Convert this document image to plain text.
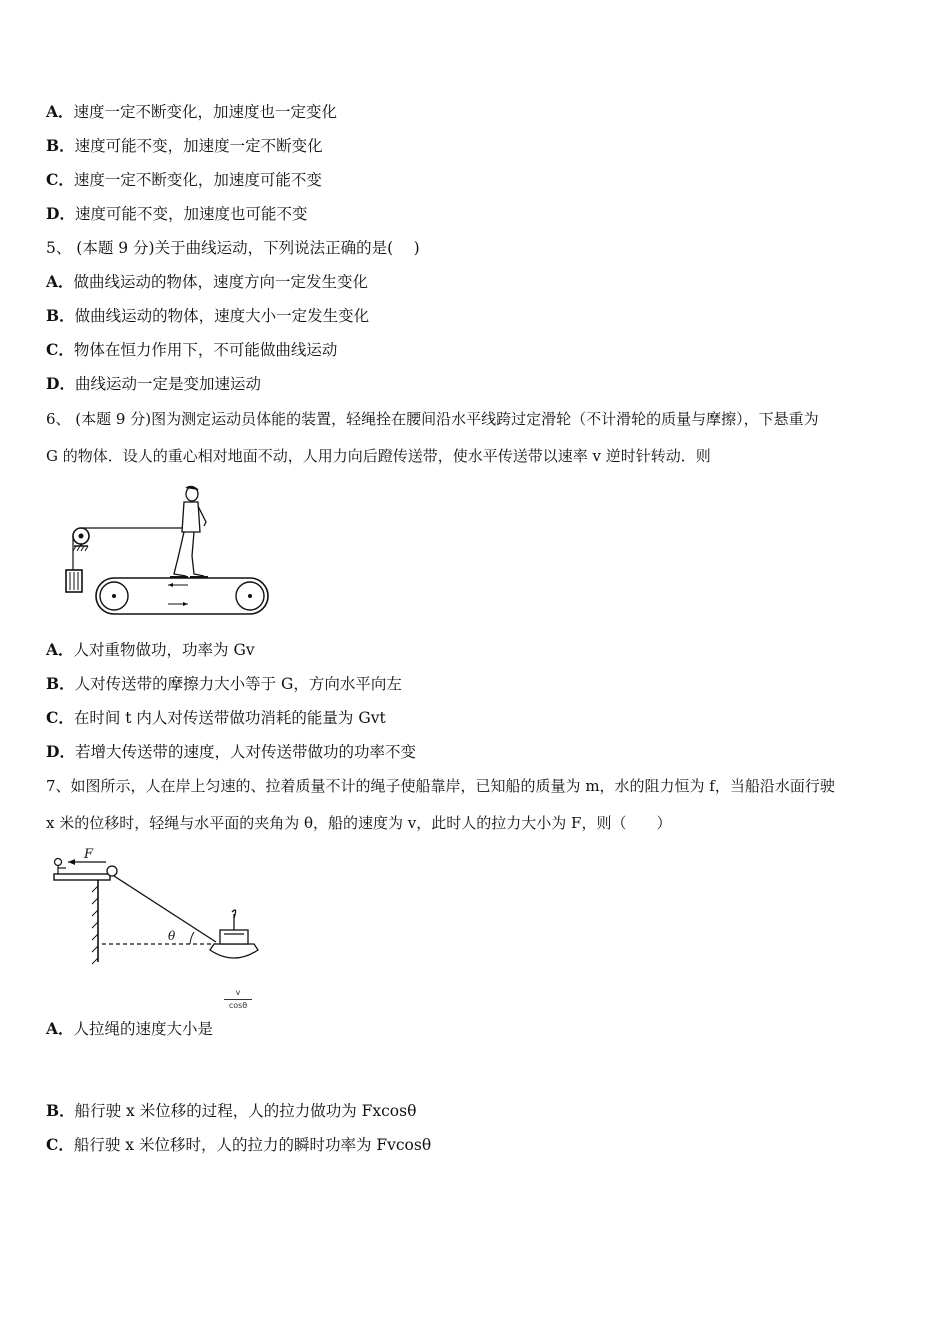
A．速度一定不断变化，加速度也一定变化
B．速度可能不变，加速度一定不断变化
C．速度一定不断变化，加速度可能不变
D．速度可能不变，加速度也可能不变
5、 (本题 9 分)关于曲线运动，下列说法正确的是(　 )
A．做曲线运动的物体，速度方向一定发生变化
B．做曲线运动的物体，速度大小一定发生变化
C．物体在恒力作用下，不可能做曲线运动
D．曲线运动一定是变加速运动
6、 (本题 9 分)图为测定运动员体能的装置，轻绳拴在腰间沿水平线跨过定滑轮（不计滑轮的质量与摩擦），下悬重为
G 的物体．设人的重心相对地面不动，人用力向后蹬传送带，使水平传送带以速率 v 逆时针转动．则
A．人对重物做功，功率为 Gv
B．人对传送带的摩擦力大小等于 G，方向水平向左
C．在时间 t 内人对传送带做功消耗的能量为 Gvt
D．若增大传送带的速度，人对传送带做功的功率不变
7、如图所示，人在岸上匀速的、拉着质量不计的绳子使船靠岸，已知船的质量为 m，水的阻力恒为 f，当船沿水面行驶
x 米的位移时，轻绳与水平面的夹角为 θ，船的速度为 v，此时人的拉力大小为 F，则（　　）
F
θ
v
cosθ
A．人拉绳的速度大小是
B．船行驶 x 米位移的过程，人的拉力做功为 Fxcosθ
C．船行驶 x 米位移时，人的拉力的瞬时功率为 Fvcosθ
